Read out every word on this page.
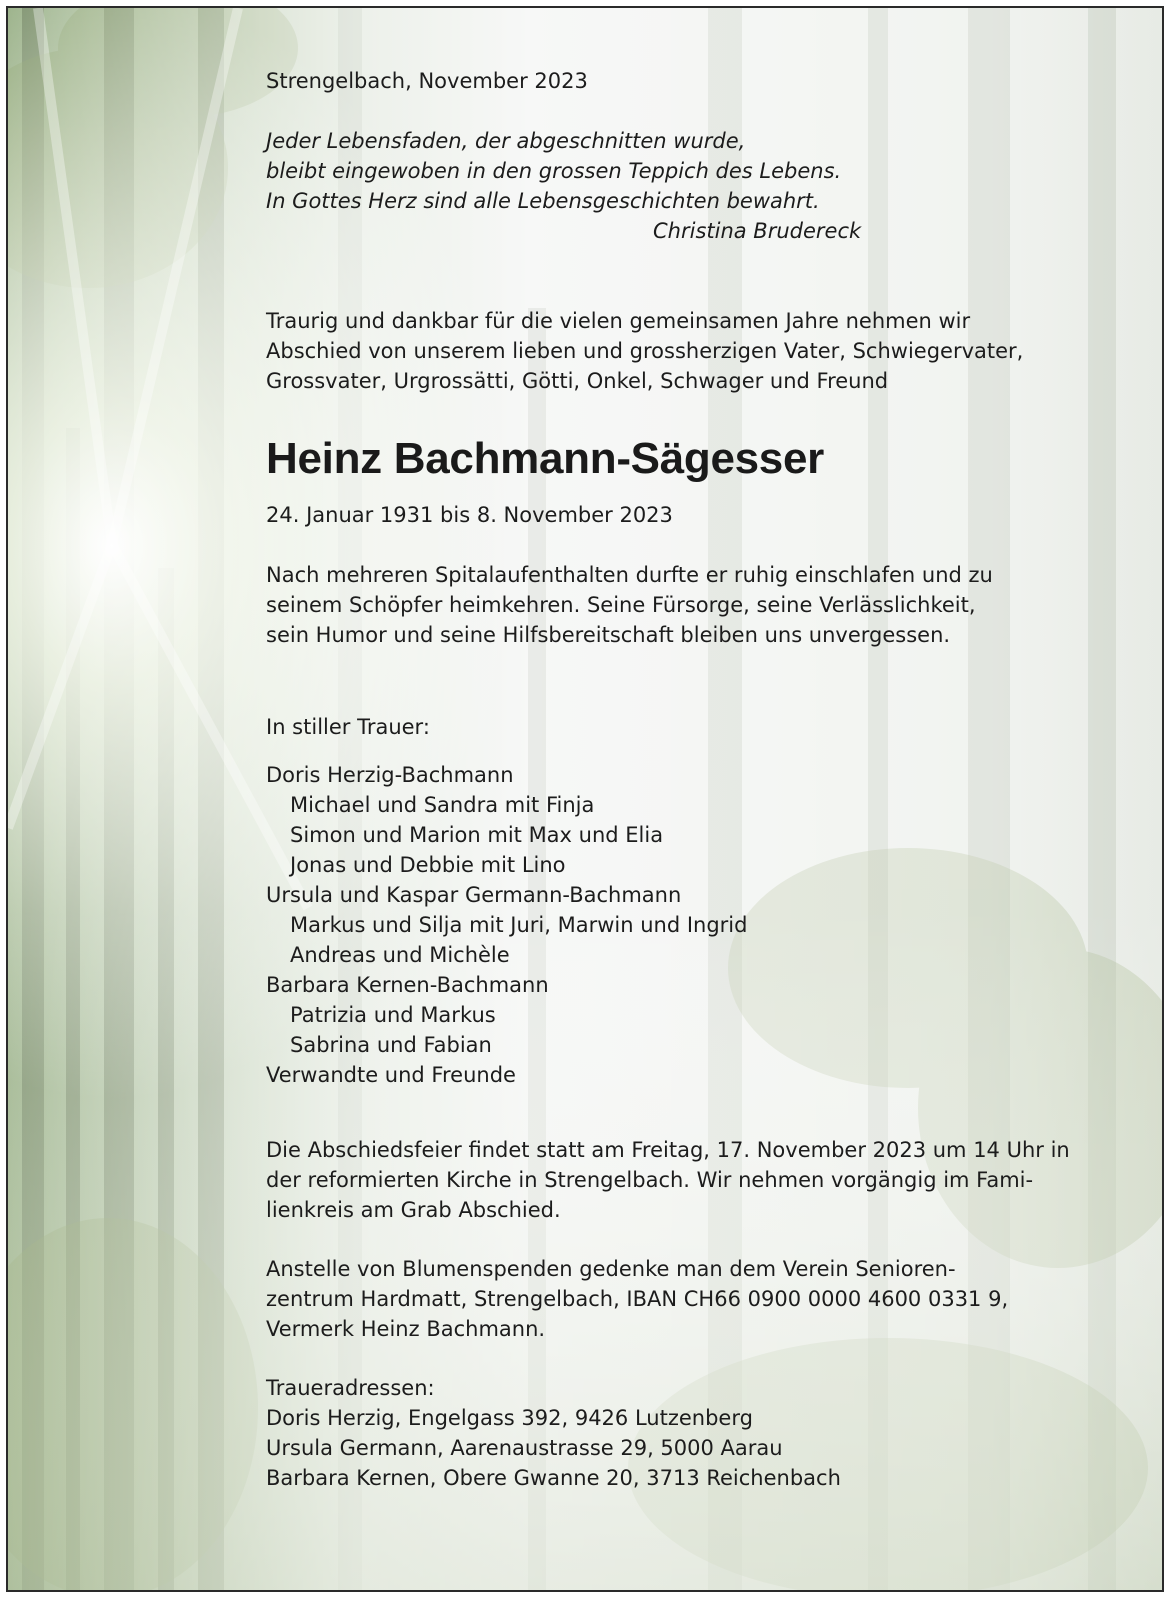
Strengelbach, November 2023
Jeder Lebensfaden, der abgeschnitten wurde,
bleibt eingewoben in den grossen Teppich des Lebens.
In Gottes Herz sind alle Lebensgeschichten bewahrt.
Christina Brudereck
Traurig und dankbar für die vielen gemeinsamen Jahre nehmen wir
Abschied von unserem lieben und grossherzigen Vater, Schwiegervater,
Grossvater, Urgrossätti, Götti, Onkel, Schwager und Freund
Heinz Bachmann-Sägesser
24. Januar 1931 bis 8. November 2023
Nach mehreren Spitalaufenthalten durfte er ruhig einschlafen und zu
seinem Schöpfer heimkehren. Seine Fürsorge, seine Verlässlichkeit,
sein Humor und seine Hilfsbereitschaft bleiben uns unvergessen.
In stiller Trauer:
Doris Herzig-Bachmann
Michael und Sandra mit Finja
Simon und Marion mit Max und Elia
Jonas und Debbie mit Lino
Ursula und Kaspar Germann-Bachmann
Markus und Silja mit Juri, Marwin und Ingrid
Andreas und Michèle
Barbara Kernen-Bachmann
Patrizia und Markus
Sabrina und Fabian
Verwandte und Freunde
Die Abschiedsfeier findet statt am Freitag, 17. November 2023 um 14 Uhr in
der reformierten Kirche in Strengelbach. Wir nehmen vorgängig im Fami-
lienkreis am Grab Abschied.
Anstelle von Blumenspenden gedenke man dem Verein Senioren-
zentrum Hardmatt, Strengelbach, IBAN CH66 0900 0000 4600 0331 9,
Vermerk Heinz Bachmann.
Traueradressen:
Doris Herzig, Engelgass 392, 9426 Lutzenberg
Ursula Germann, Aarenaustrasse 29, 5000 Aarau
Barbara Kernen, Obere Gwanne 20, 3713 Reichenbach
